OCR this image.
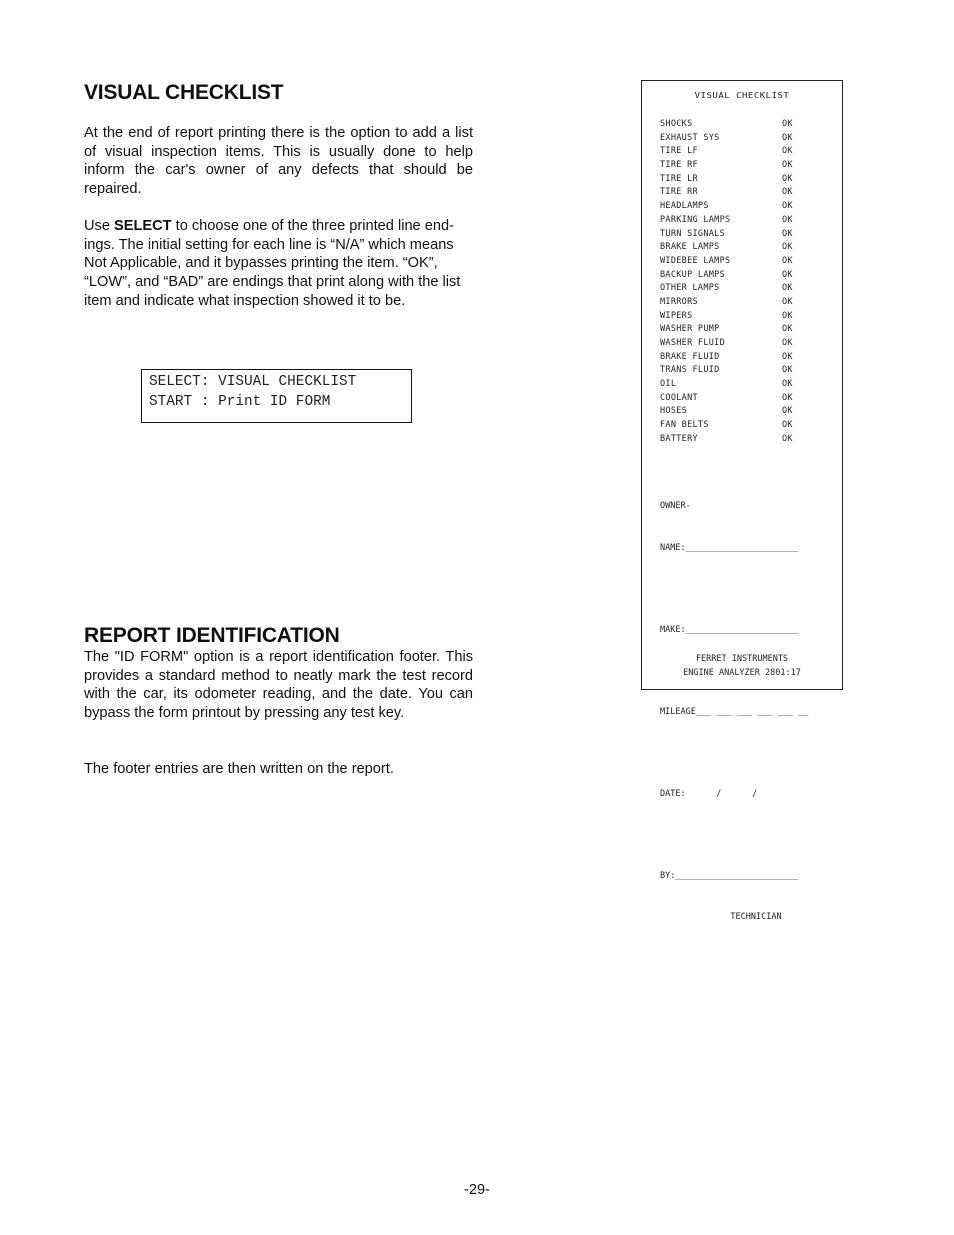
VISUAL CHECKLIST

At the end of report printing there is the option to add a list of visual inspection items. This is usually done to help inform the car's owner of any defects that should be repaired.

Use SELECT to choose one of the three printed line end-ings. The initial setting for each line is “N/A” which means Not Applicable, and it bypasses printing the item. “OK”, “LOW”, and “BAD” are endings that print along with the list item and indicate what inspection showed it to be.

SELECT: VISUAL CHECKLIST
START : Print ID FORM
VISUAL CHECKLIST
SHOCKS	OK
EXHAUST SYS	OK
TIRE LF	OK
TIRE RF	OK
TIRE LR	OK
TIRE RR	OK
HEADLAMPS	OK
PARKING LAMPS	OK
TURN SIGNALS	OK
BRAKE LAMPS	OK
WIDEBEE LAMPS	OK
BACKUP LAMPS	OK
OTHER LAMPS	OK
MIRRORS	OK
WIPERS	OK
WASHER PUMP	OK
WASHER FLUID	OK
BRAKE FLUID	OK
TRANS FLUID	OK
OIL	OK
COOLANT	OK
HOSES	OK
FAN BELTS	OK
BATTERY	OK

OWNER-

NAME:______________________

MAKE:______________________

MILEAGE___ ___ ___ ___ ___ __

DATE:      /      /

BY:________________________

TECHNICIAN

FERRET INSTRUMENTS
ENGINE ANALYZER 2801:17
REPORT IDENTIFICATION

The "ID FORM" option is a report identification footer. This provides a standard method to neatly mark the test record with the car, its odometer reading, and the date. You can bypass the form printout by pressing any test key.

The footer entries are then written on the report.

-29-
